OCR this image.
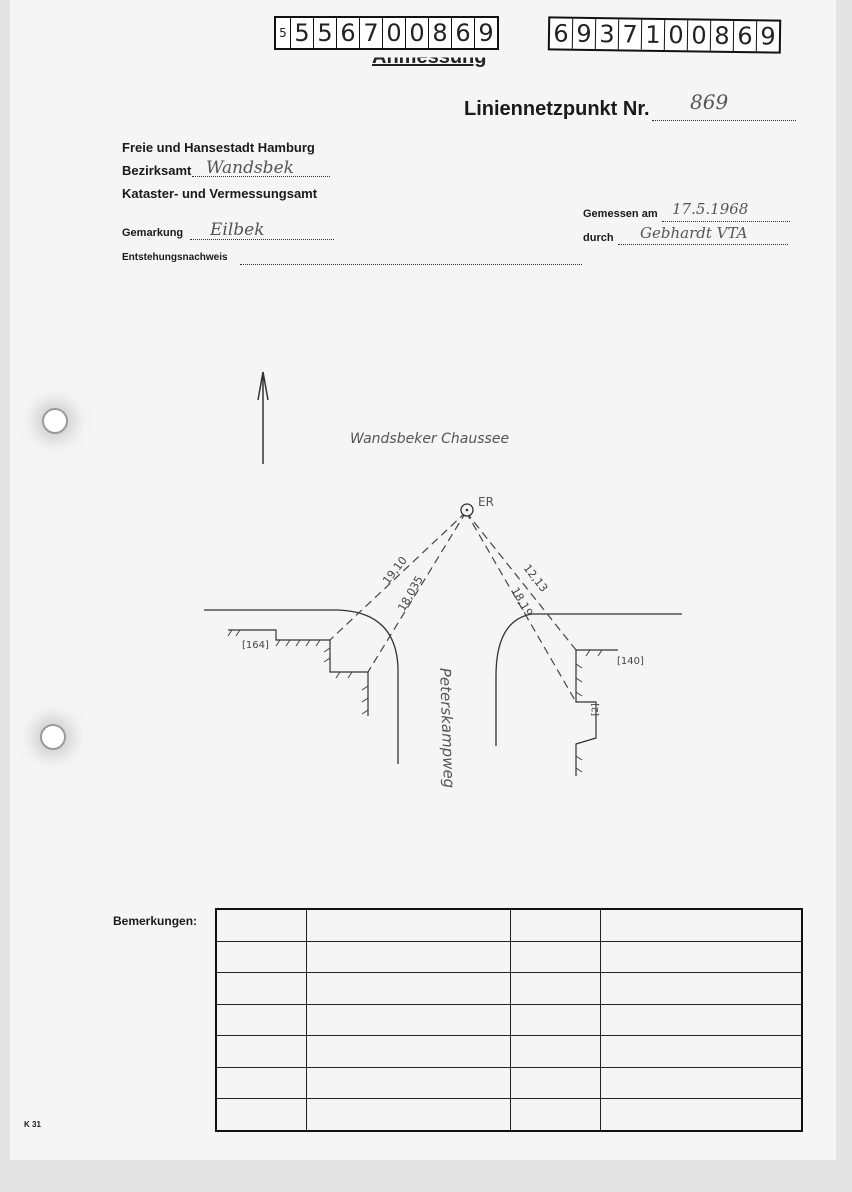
5 5 5 6 7 0 0 8 6 9 6 9 3 7 1 0 0 8 6 9
Liniennetzpunkt Nr. 869
Freie und Hansestadt Hamburg
Bezirksamt Wandsbek
Kataster- und Vermessungsamt
Gemessen am 17.5.1968
durch Gebhardt VTA
Gemarkung Eilbek
Entstehungsnachweis
ER
Wandsbeker Chaussee
Peterskampweg
19,10
18,035	12,13
18,19
[164]
[140]
[2]
Bemerkungen:

K 31
